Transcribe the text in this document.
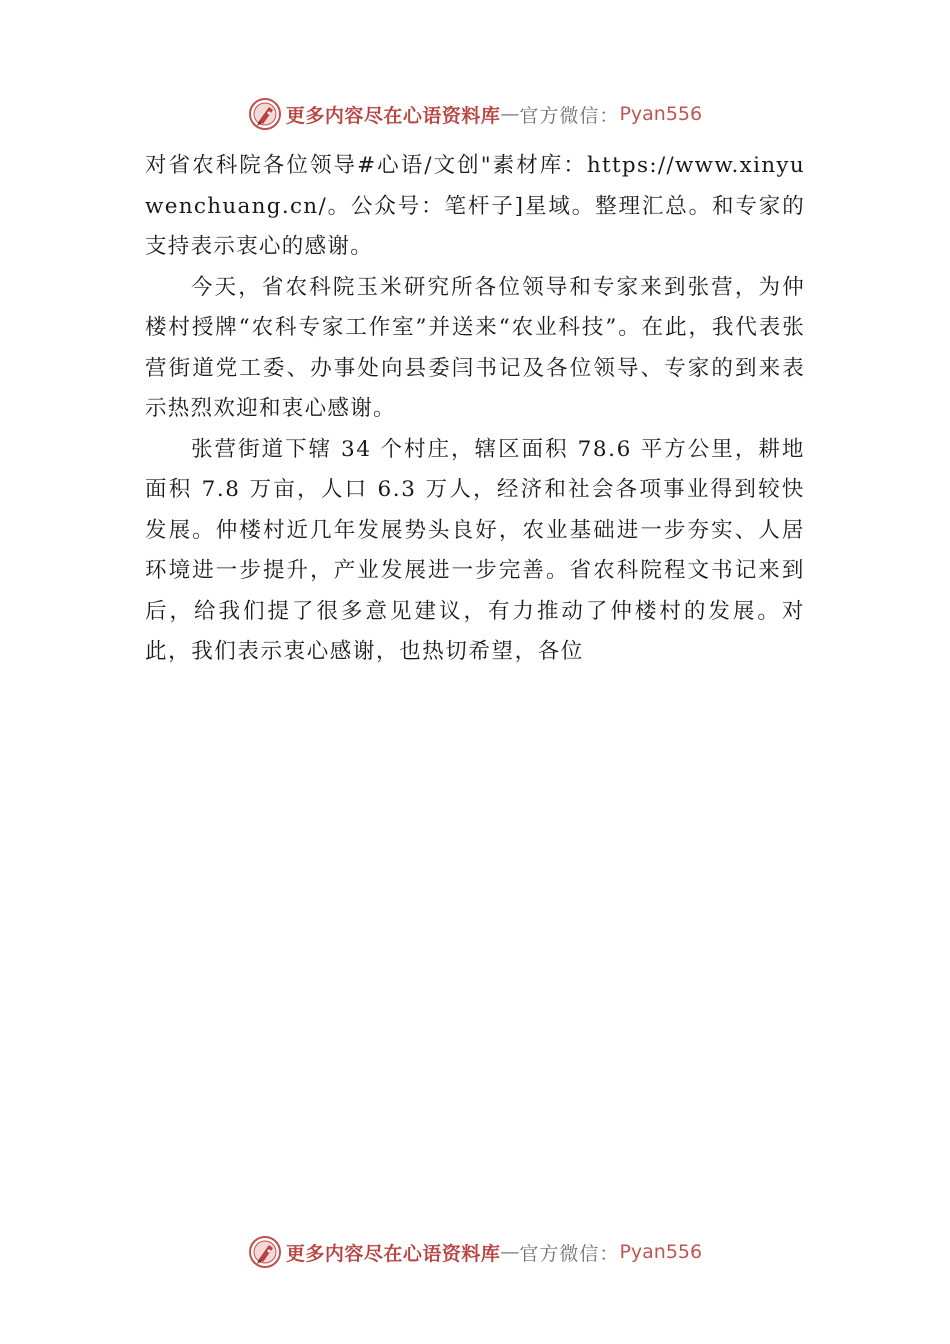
更多内容尽在心语资料库 — 官方微信： Pyan556

对省农科院各位领导#心语/文创"素材库：https://www.xinyuwenchuang.cn/。公众号：笔杆子]星域。整理汇总。和专家的支持表示衷心的感谢。

今天，省农科院玉米研究所各位领导和专家来到张营，为仲楼村授牌“农科专家工作室”并送来“农业科技”。在此，我代表张营街道党工委、办事处向县委闫书记及各位领导、专家的到来表示热烈欢迎和衷心感谢。

张营街道下辖 34 个村庄，辖区面积 78.6 平方公里，耕地面积 7.8 万亩，人口 6.3 万人，经济和社会各项事业得到较快发展。仲楼村近几年发展势头良好，农业基础进一步夯实、人居环境进一步提升，产业发展进一步完善。省农科院程文书记来到后，给我们提了很多意见建议，有力推动了仲楼村的发展。对此，我们表示衷心感谢，也热切希望，各位

更多内容尽在心语资料库 — 官方微信： Pyan556
